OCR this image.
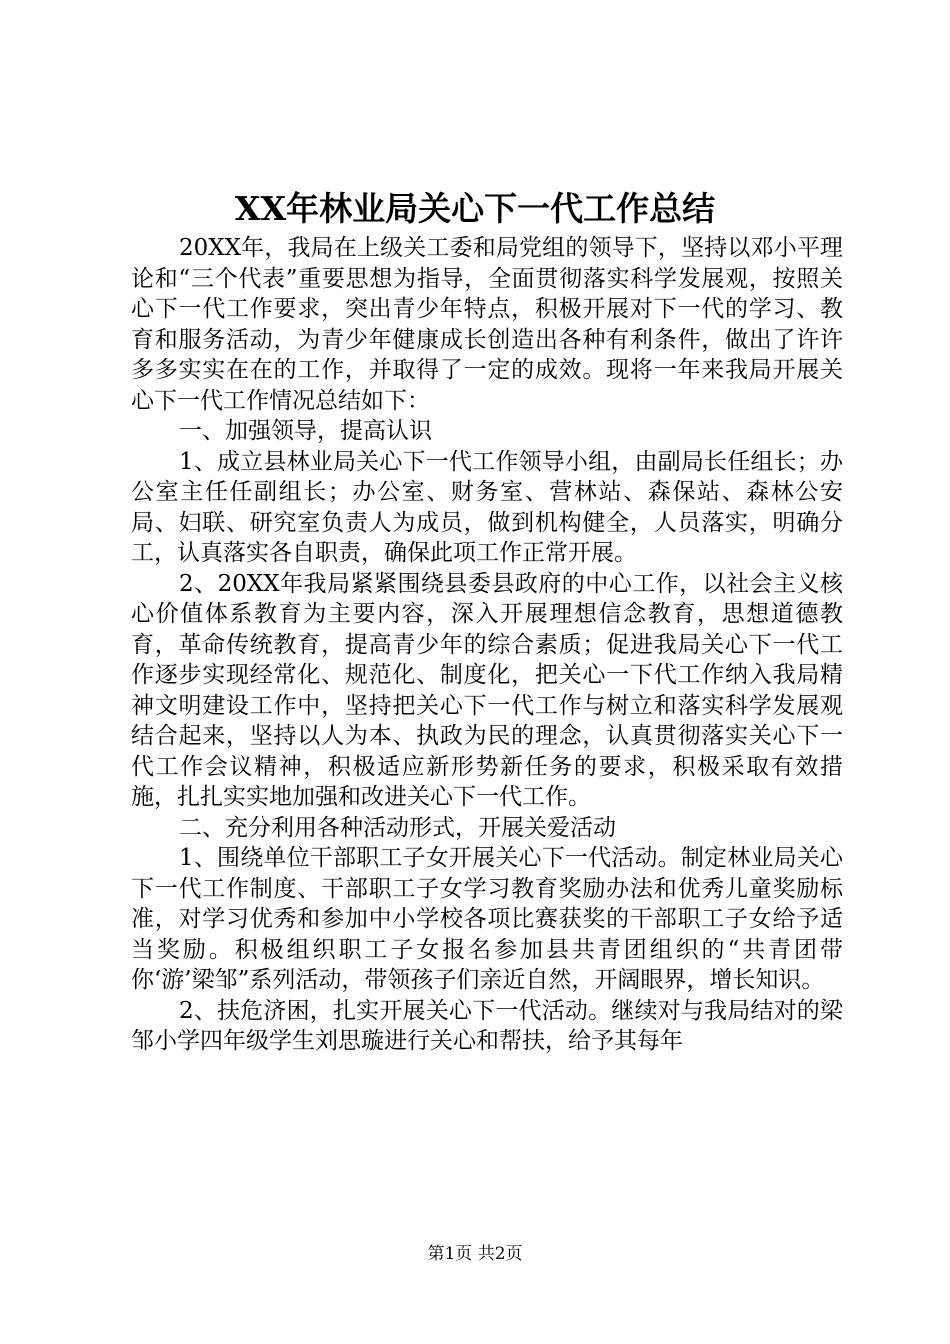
XX年林业局关心下一代工作总结

20XX年，我局在上级关工委和局党组的领导下，坚持以邓小平理论和“三个代表”重要思想为指导，全面贯彻落实科学发展观，按照关心下一代工作要求，突出青少年特点，积极开展对下一代的学习、教育和服务活动，为青少年健康成长创造出各种有利条件，做出了许许多多实实在在的工作，并取得了一定的成效。现将一年来我局开展关心下一代工作情况总结如下：

一、加强领导，提高认识

1、成立县林业局关心下一代工作领导小组，由副局长任组长；办公室主任任副组长；办公室、财务室、营林站、森保站、森林公安局、妇联、研究室负责人为成员，做到机构健全，人员落实，明确分工，认真落实各自职责，确保此项工作正常开展。

2、20XX年我局紧紧围绕县委县政府的中心工作，以社会主义核心价值体系教育为主要内容，深入开展理想信念教育，思想道德教育，革命传统教育，提高青少年的综合素质；促进我局关心下一代工作逐步实现经常化、规范化、制度化，把关心一下代工作纳入我局精神文明建设工作中，坚持把关心下一代工作与树立和落实科学发展观结合起来，坚持以人为本、执政为民的理念，认真贯彻落实关心下一代工作会议精神，积极适应新形势新任务的要求，积极采取有效措施，扎扎实实地加强和改进关心下一代工作。

二、充分利用各种活动形式，开展关爱活动

1、围绕单位干部职工子女开展关心下一代活动。制定林业局关心下一代工作制度、干部职工子女学习教育奖励办法和优秀儿童奖励标准，对学习优秀和参加中小学校各项比赛获奖的干部职工子女给予适当奖励。积极组织职工子女报名参加县共青团组织的“共青团带你‘游’梁邹”系列活动，带领孩子们亲近自然，开阔眼界，增长知识。

2、扶危济困，扎实开展关心下一代活动。继续对与我局结对的梁邹小学四年级学生刘思璇进行关心和帮扶，给予其每年

第1页 共2页
